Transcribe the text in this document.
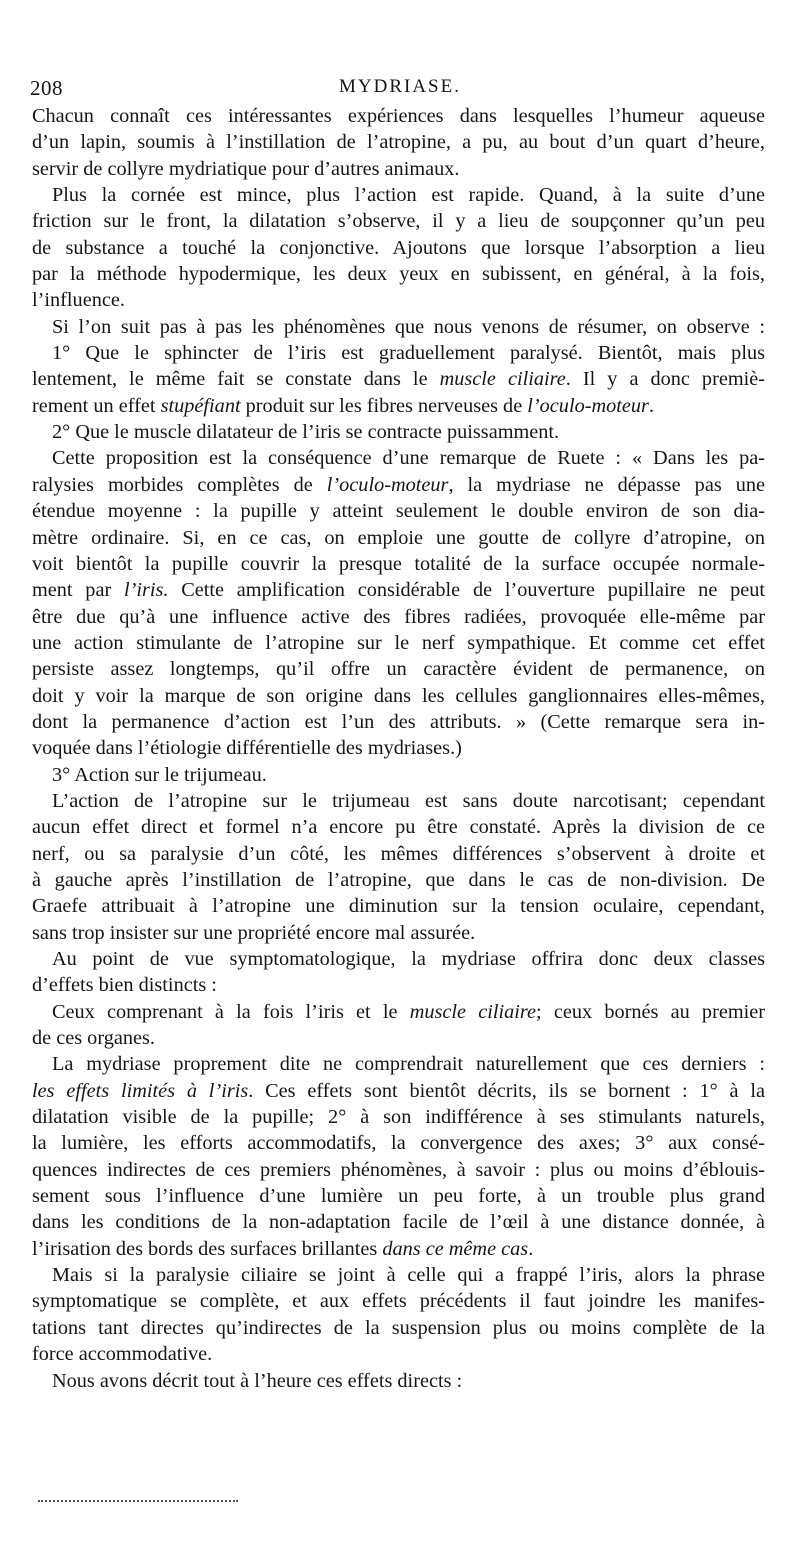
208	MYDRIASE.
Chacun connaît ces intéressantes expériences dans lesquelles l’humeur aqueuse
d’un lapin, soumis à l’instillation de l’atropine, a pu, au bout d’un quart d’heure,
servir de collyre mydriatique pour d’autres animaux.
Plus la cornée est mince, plus l’action est rapide. Quand, à la suite d’une
friction sur le front, la dilatation s’observe, il y a lieu de soupçonner qu’un peu
de substance a touché la conjonctive. Ajoutons que lorsque l’absorption a lieu
par la méthode hypodermique, les deux yeux en subissent, en général, à la fois,
l’influence.
Si l’on suit pas à pas les phénomènes que nous venons de résumer, on observe :
1° Que le sphincter de l’iris est graduellement paralysé. Bientôt, mais plus
lentement, le même fait se constate dans le muscle ciliaire. Il y a donc premiè-
rement un effet stupéfiant produit sur les fibres nerveuses de l’oculo-moteur.
2° Que le muscle dilatateur de l’iris se contracte puissamment.
Cette proposition est la conséquence d’une remarque de Ruete : « Dans les pa-
ralysies morbides complètes de l’oculo-moteur, la mydriase ne dépasse pas une
étendue moyenne : la pupille y atteint seulement le double environ de son dia-
mètre ordinaire. Si, en ce cas, on emploie une goutte de collyre d’atropine, on
voit bientôt la pupille couvrir la presque totalité de la surface occupée normale-
ment par l’iris. Cette amplification considérable de l’ouverture pupillaire ne peut
être due qu’à une influence active des fibres radiées, provoquée elle-même par
une action stimulante de l’atropine sur le nerf sympathique. Et comme cet effet
persiste assez longtemps, qu’il offre un caractère évident de permanence, on
doit y voir la marque de son origine dans les cellules ganglionnaires elles-mêmes,
dont la permanence d’action est l’un des attributs. » (Cette remarque sera in-
voquée dans l’étiologie différentielle des mydriases.)
3° Action sur le trijumeau.
L’action de l’atropine sur le trijumeau est sans doute narcotisant; cependant
aucun effet direct et formel n’a encore pu être constaté. Après la division de ce
nerf, ou sa paralysie d’un côté, les mêmes différences s’observent à droite et
à gauche après l’instillation de l’atropine, que dans le cas de non-division. De
Graefe attribuait à l’atropine une diminution sur la tension oculaire, cependant,
sans trop insister sur une propriété encore mal assurée.
Au point de vue symptomatologique, la mydriase offrira donc deux classes
d’effets bien distincts :
Ceux comprenant à la fois l’iris et le muscle ciliaire; ceux bornés au premier
de ces organes.
La mydriase proprement dite ne comprendrait naturellement que ces derniers :
les effets limités à l’iris. Ces effets sont bientôt décrits, ils se bornent : 1° à la
dilatation visible de la pupille; 2° à son indifférence à ses stimulants naturels,
la lumière, les efforts accommodatifs, la convergence des axes; 3° aux consé-
quences indirectes de ces premiers phénomènes, à savoir : plus ou moins d’éblouis-
sement sous l’influence d’une lumière un peu forte, à un trouble plus grand
dans les conditions de la non-adaptation facile de l’œil à une distance donnée, à
l’irisation des bords des surfaces brillantes dans ce même cas.
Mais si la paralysie ciliaire se joint à celle qui a frappé l’iris, alors la phrase
symptomatique se complète, et aux effets précédents il faut joindre les manifes-
tations tant directes qu’indirectes de la suspension plus ou moins complète de la
force accommodative.
Nous avons décrit tout à l’heure ces effets directs :
